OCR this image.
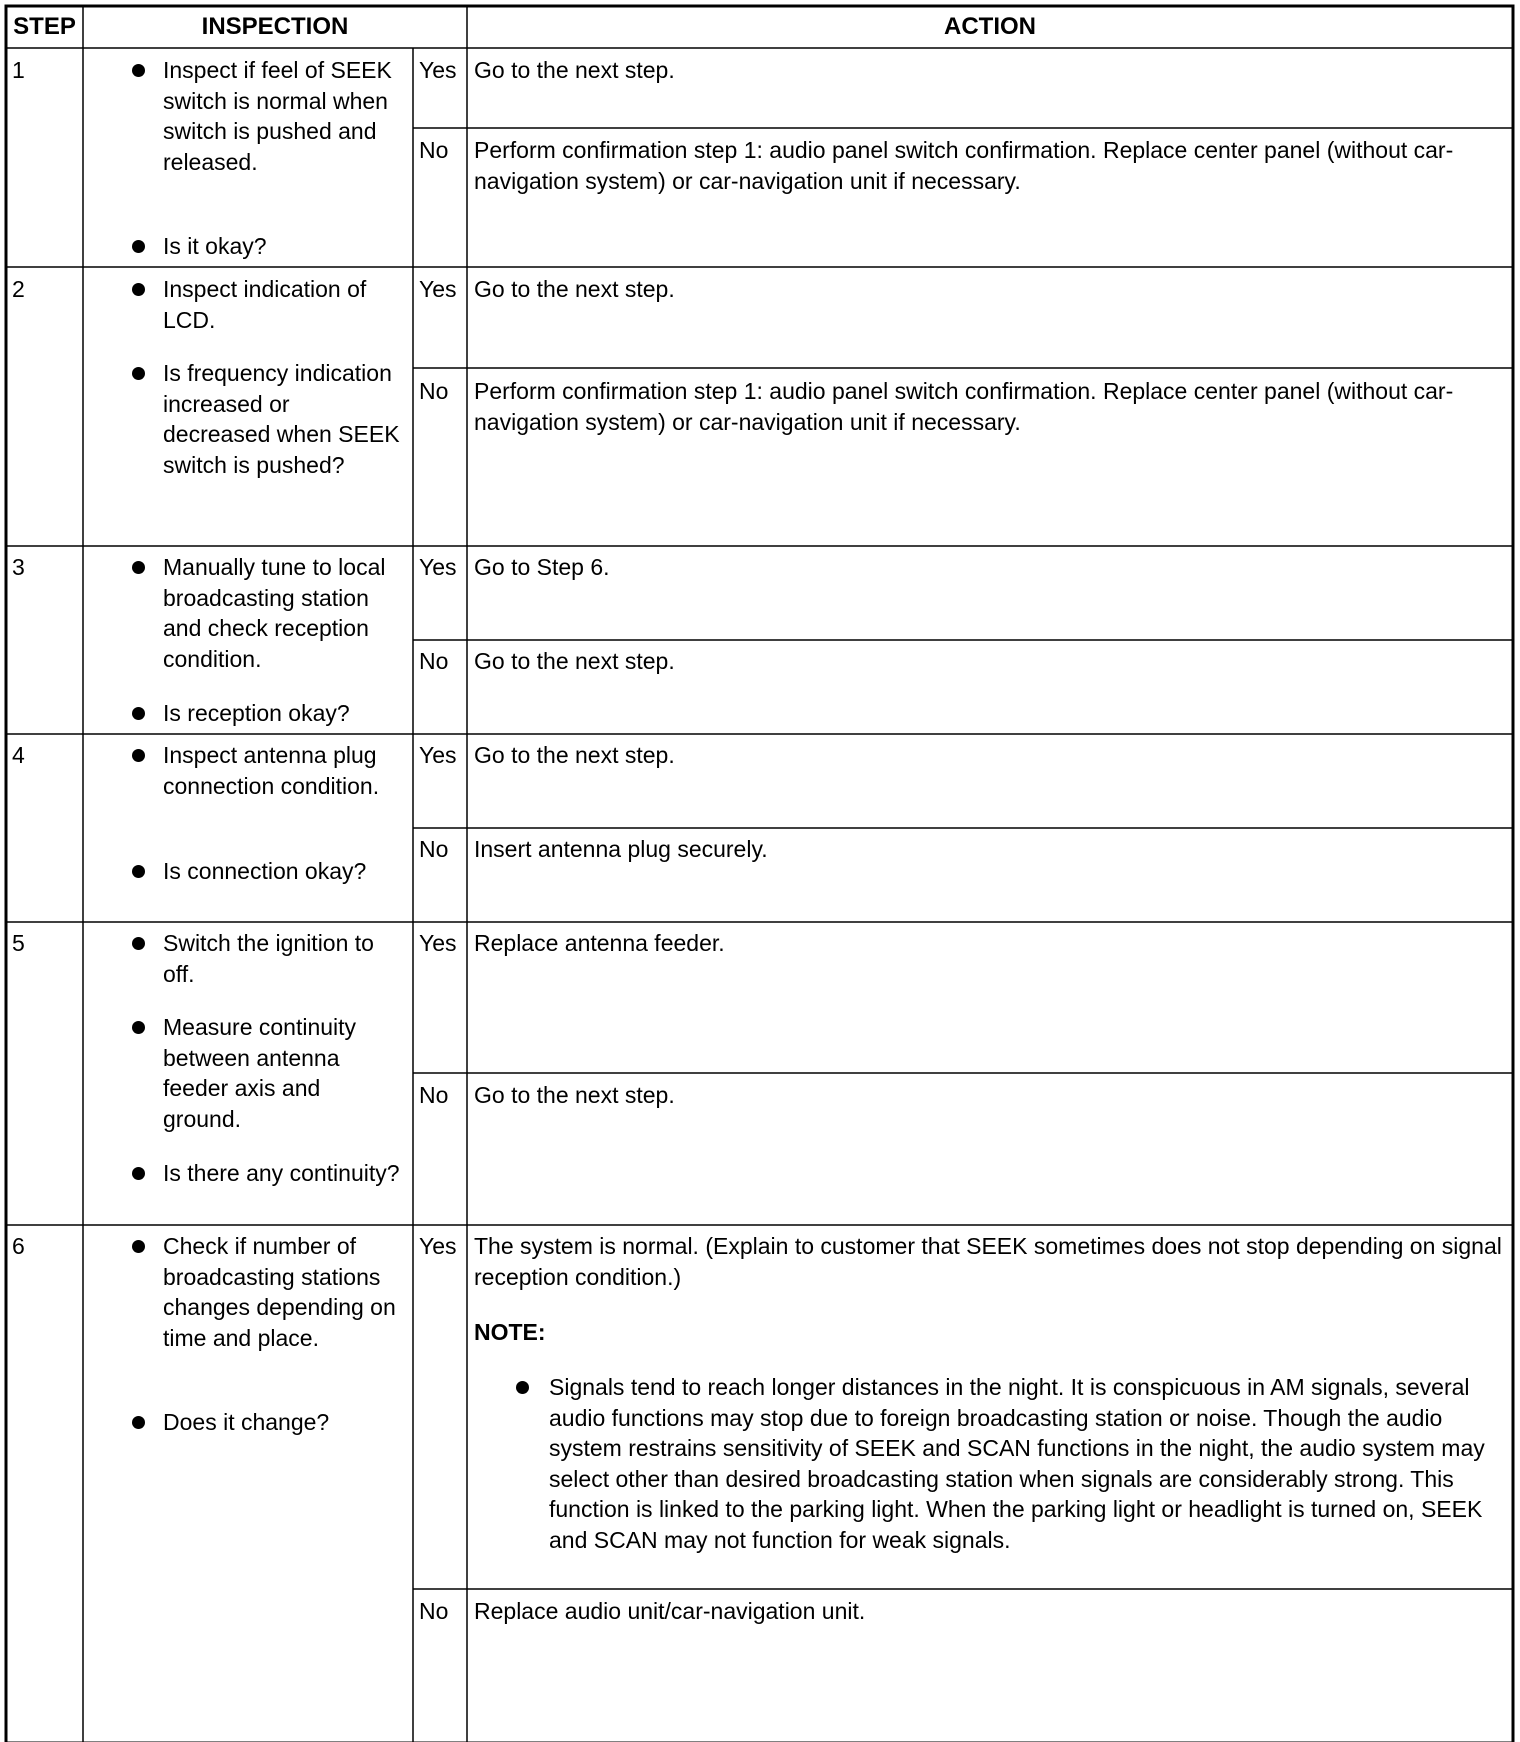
STEP	INSPECTION	ACTION
1	Inspect if feel of SEEK switch is normal when switch is pushed and released.
Is it okay?
Yes Go to the next step.
No Perform confirmation step 1: audio panel switch confirmation. Replace center panel (without car-navigation system) or car-navigation unit if necessary.
2	Inspect indication of LCD.
Is frequency indication increased or decreased when SEEK switch is pushed?
Yes Go to the next step.
No Perform confirmation step 1: audio panel switch confirmation. Replace center panel (without car-navigation system) or car-navigation unit if necessary.
3	Manually tune to local broadcasting station and check reception condition.
Is reception okay?
Yes Go to Step 6.
No Go to the next step.
4	Inspect antenna plug connection condition.
Is connection okay?
Yes Go to the next step.
No Insert antenna plug securely.
5	Switch the ignition to off.
Measure continuity between antenna feeder axis and ground.
Is there any continuity?
Yes Replace antenna feeder.
No Go to the next step.
6	Check if number of broadcasting stations changes depending on time and place.
Does it change?
Yes The system is normal. (Explain to customer that SEEK sometimes does not stop depending on signal reception condition.)
NOTE:
Signals tend to reach longer distances in the night. It is conspicuous in AM signals, several audio functions may stop due to foreign broadcasting station or noise. Though the audio system restrains sensitivity of SEEK and SCAN functions in the night, the audio system may select other than desired broadcasting station when signals are considerably strong. This function is linked to the parking light. When the parking light or headlight is turned on, SEEK and SCAN may not function for weak signals.
No Replace audio unit/car-navigation unit.
